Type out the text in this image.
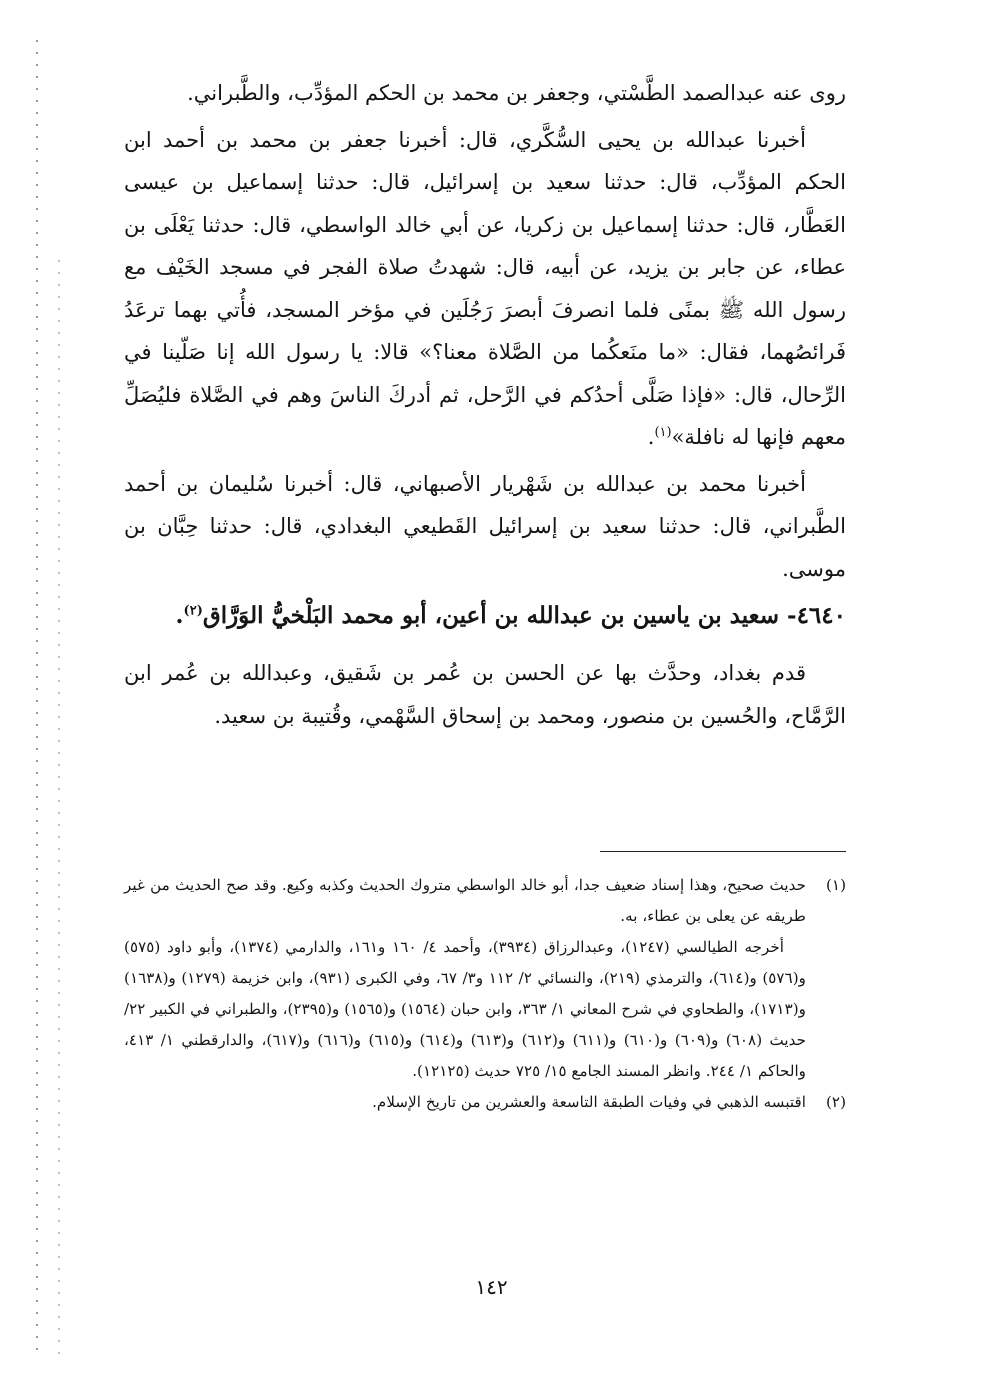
روى عنه عبدالصمد الطَّسْتي، وجعفر بن محمد بن الحكم المؤدِّب، والطَّبراني.

أخبرنا عبدالله بن يحيى السُّكَّري، قال: أخبرنا جعفر بن محمد بن أحمد ابن الحكم المؤدِّب، قال: حدثنا سعيد بن إسرائيل، قال: حدثنا إسماعيل بن عيسى العَطَّار، قال: حدثنا إسماعيل بن زكريا، عن أبي خالد الواسطي، قال: حدثنا يَعْلَى بن عطاء، عن جابر بن يزيد، عن أبيه، قال: شهدتُ صلاة الفجر في مسجد الخَيْف مع رسول الله ﷺ بمنًى فلما انصرفَ أبصرَ رَجُلَين في مؤخر المسجد، فأُتي بهما ترعَدُ فَرائصُهما، فقال: «ما منَعكُما من الصَّلاة معنا؟» قالا: يا رسول الله إنا صَلّينا في الرِّحال، قال: «فإذا صَلَّى أحدُكم في الرَّحل، ثم أدركَ الناسَ وهم في الصَّلاة فليُصَلِّ معهم فإنها له نافلة»$^{(١)}$.

أخبرنا محمد بن عبدالله بن شَهْريار الأصبهاني، قال: أخبرنا سُليمان بن أحمد الطَّبراني، قال: حدثنا سعيد بن إسرائيل القَطيعي البغدادي، قال: حدثنا حِبَّان بن موسى.

٤٦٤٠- سعيد بن ياسين بن عبدالله بن أعين، أبو محمد البَلْخيُّ الوَرَّاق$^{(٢)}$.

قدم بغداد، وحدَّث بها عن الحسن بن عُمر بن شَقيق، وعبدالله بن عُمر ابن الرَّمَّاح، والحُسين بن منصور، ومحمد بن إسحاق السَّهْمي، وقُتيبة بن سعيد.

(١)

حديث صحيح، وهذا إسناد ضعيف جدا، أبو خالد الواسطي متروك الحديث وكذبه وكيع. وقد صح الحديث من غير طريقه عن يعلى بن عطاء، به.

أخرجه الطيالسي (١٢٤٧)، وعبدالرزاق (٣٩٣٤)، وأحمد ٤/ ١٦٠ و١٦١، والدارمي (١٣٧٤)، وأبو داود (٥٧٥) و(٥٧٦) و(٦١٤)، والترمذي (٢١٩)، والنسائي ٢/ ١١٢ و٣/ ٦٧، وفي الكبرى (٩٣١)، وابن خزيمة (١٢٧٩) و(١٦٣٨) و(١٧١٣)، والطحاوي في شرح المعاني ١/ ٣٦٣، وابن حبان (١٥٦٤) و(١٥٦٥) و(٢٣٩٥)، والطبراني في الكبير ٢٢/ حديث (٦٠٨) و(٦٠٩) و(٦١٠) و(٦١١) و(٦١٢) و(٦١٣) و(٦١٤) و(٦١٥) و(٦١٦) و(٦١٧)، والدارقطني ١/ ٤١٣، والحاكم ١/ ٢٤٤. وانظر المسند الجامع ١٥/ ٧٢٥ حديث (١٢١٢٥).

(٢)

اقتبسه الذهبي في وفيات الطبقة التاسعة والعشرين من تاريخ الإسلام.

١٤٢
